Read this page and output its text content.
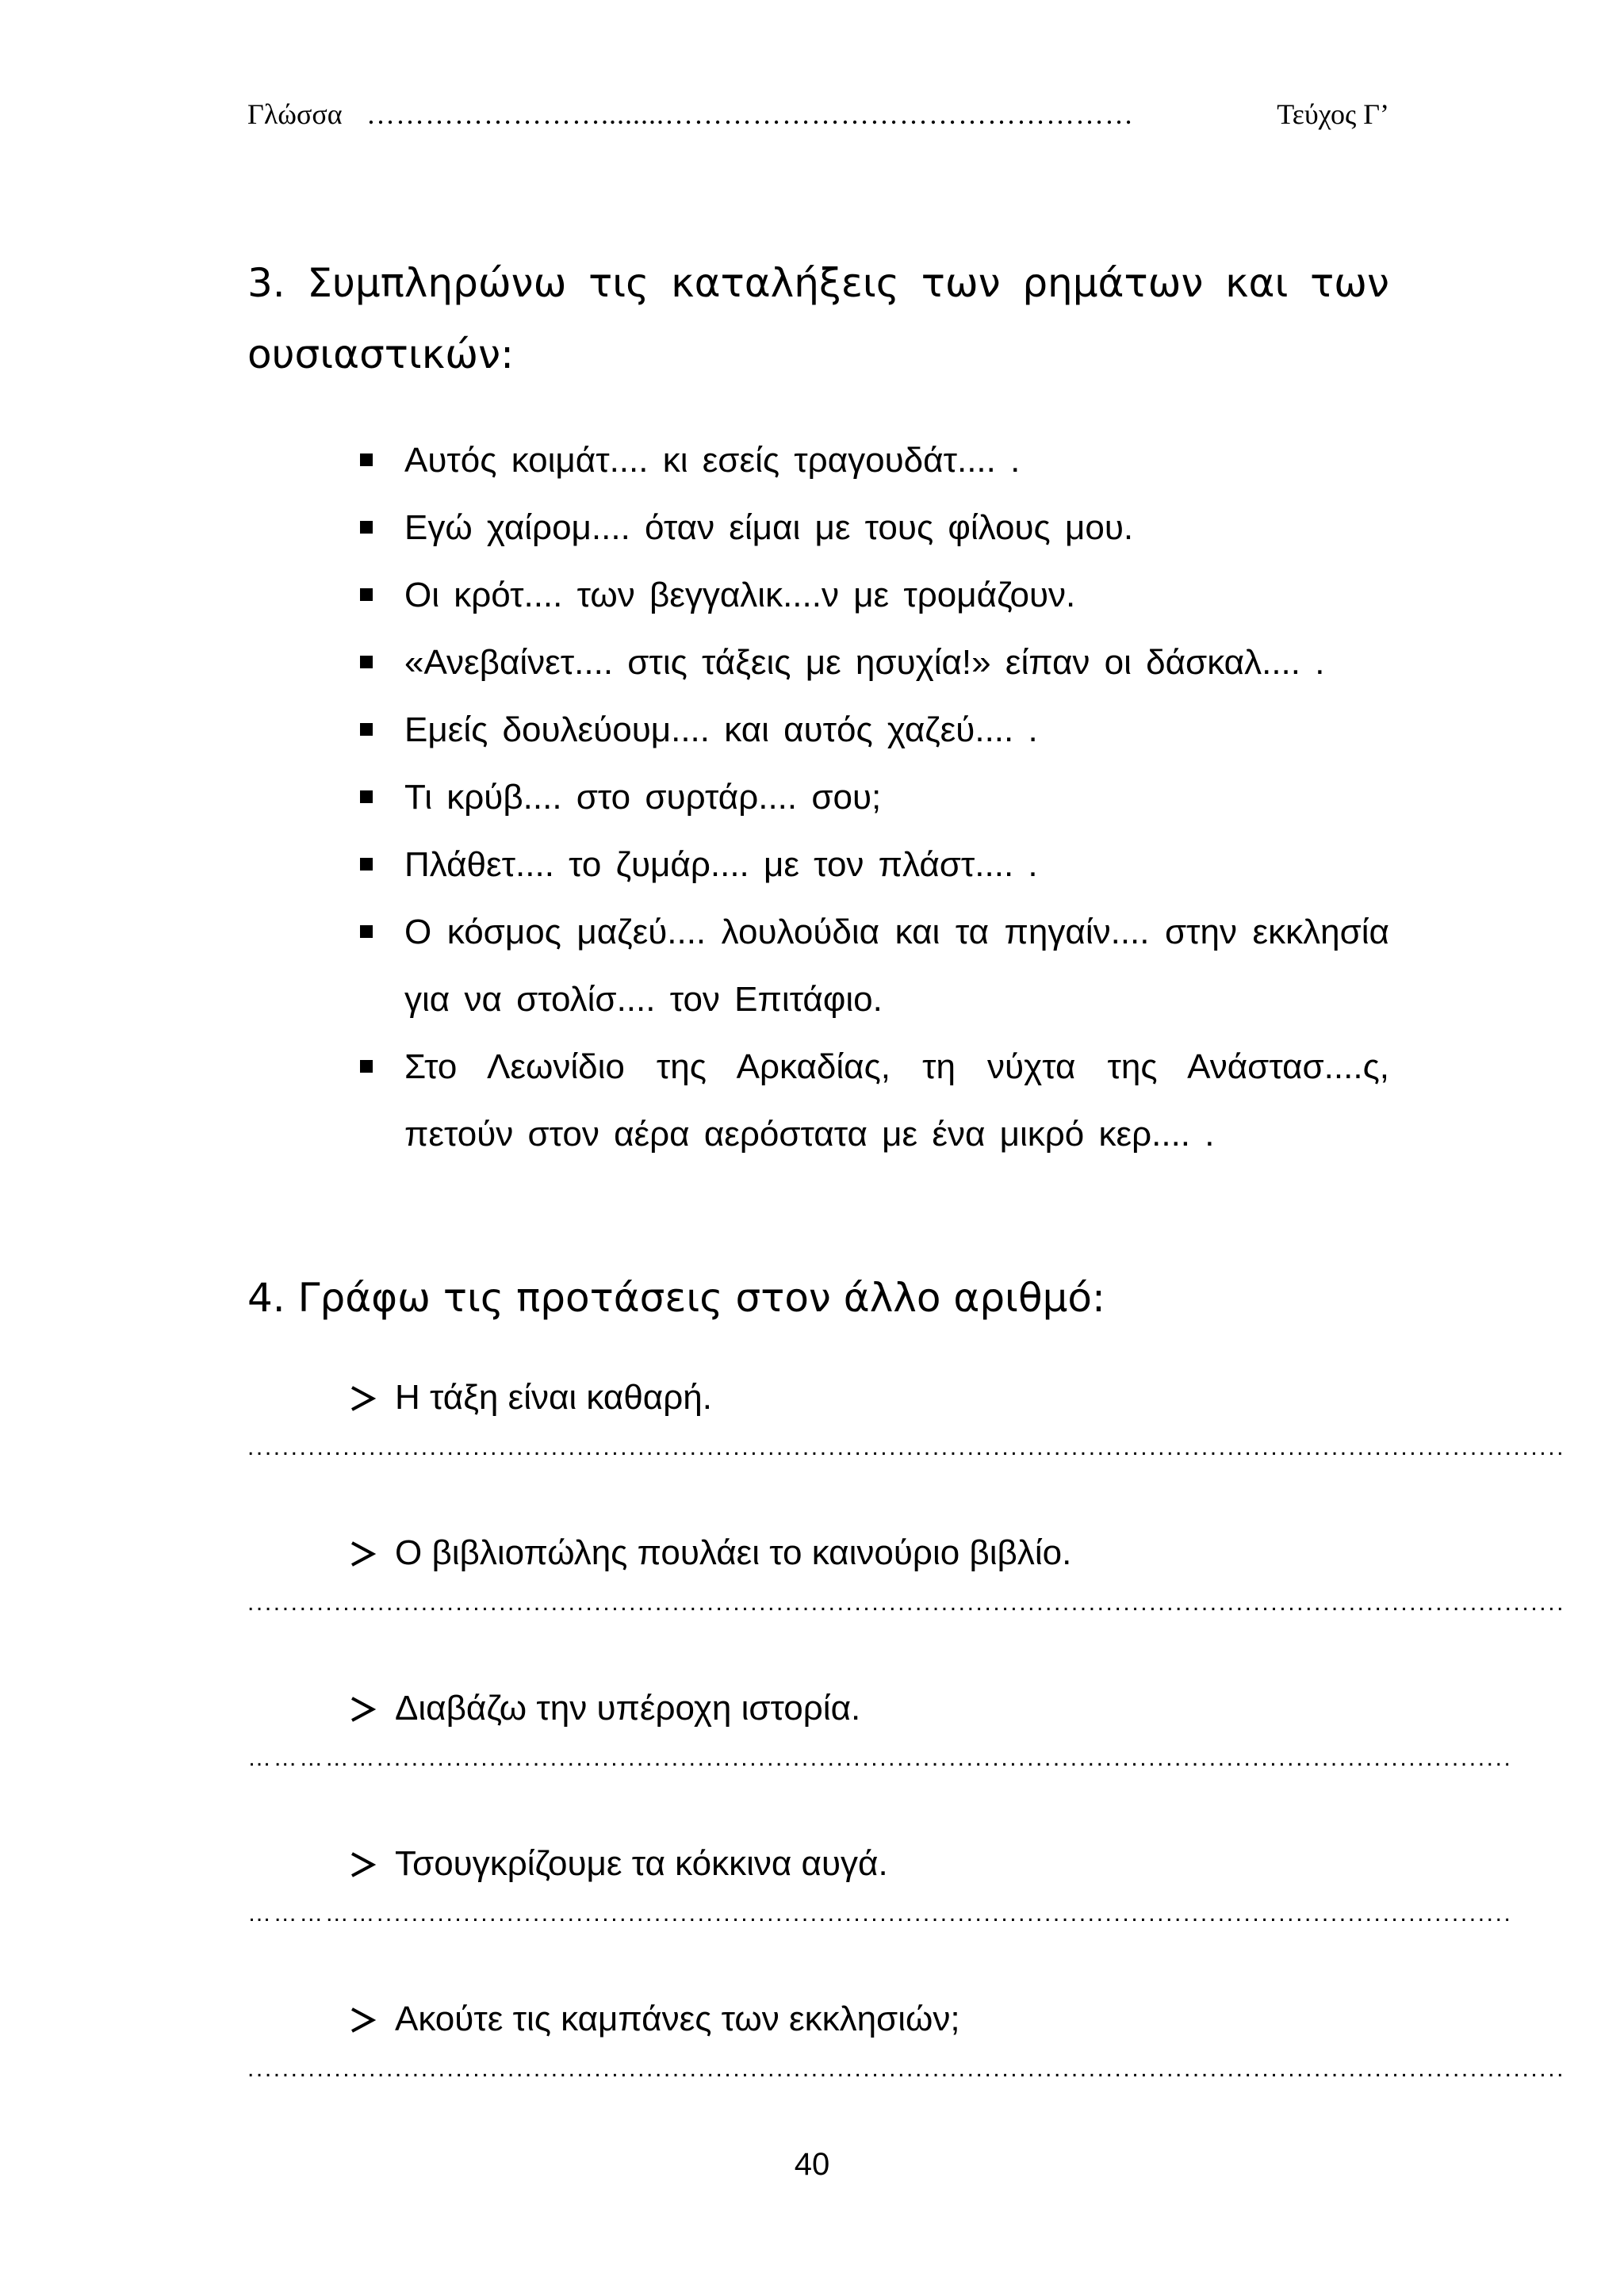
Γλώσσα ……………………........…………………………………………	Τεύχος Γ’
3. Συμπληρώνω τις καταλήξεις των ρημάτων και των
ουσιαστικών:
Αυτός κοιμάτ.... κι εσείς τραγουδάτ.... .
Εγώ χαίρομ.... όταν είμαι με τους φίλους μου.
Οι κρότ.... των βεγγαλικ....ν με τρομάζουν.
«Ανεβαίνετ.... στις τάξεις με ησυχία!» είπαν οι δάσκαλ.... .
Εμείς δουλεύουμ.... και αυτός χαζεύ.... .
Τι κρύβ.... στο συρτάρ.... σου;
Πλάθετ.... το ζυμάρ.... με τον πλάστ.... .
Ο κόσμος μαζεύ.... λουλούδια και τα πηγαίν.... στην εκκλησία για να στολίσ.... τον Επιτάφιο.
Στο Λεωνίδιο της Αρκαδίας, τη νύχτα της Ανάστασ....ς, πετούν στον αέρα αερόστατα με ένα μικρό κερ.... .
4. Γράφω τις προτάσεις στον άλλο αριθμό:
Η τάξη είναι καθαρή.
........................................................................................................................................................
Ο βιβλιοπώλης πουλάει το καινούριο βιβλίο.
........................................................................................................................................................
Διαβάζω την υπέροχη ιστορία.
……………...................................................................................................................................
Τσουγκρίζουμε τα κόκκινα αυγά.
……………...................................................................................................................................
Ακούτε τις καμπάνες των εκκλησιών;
........................................................................................................................................................
40
